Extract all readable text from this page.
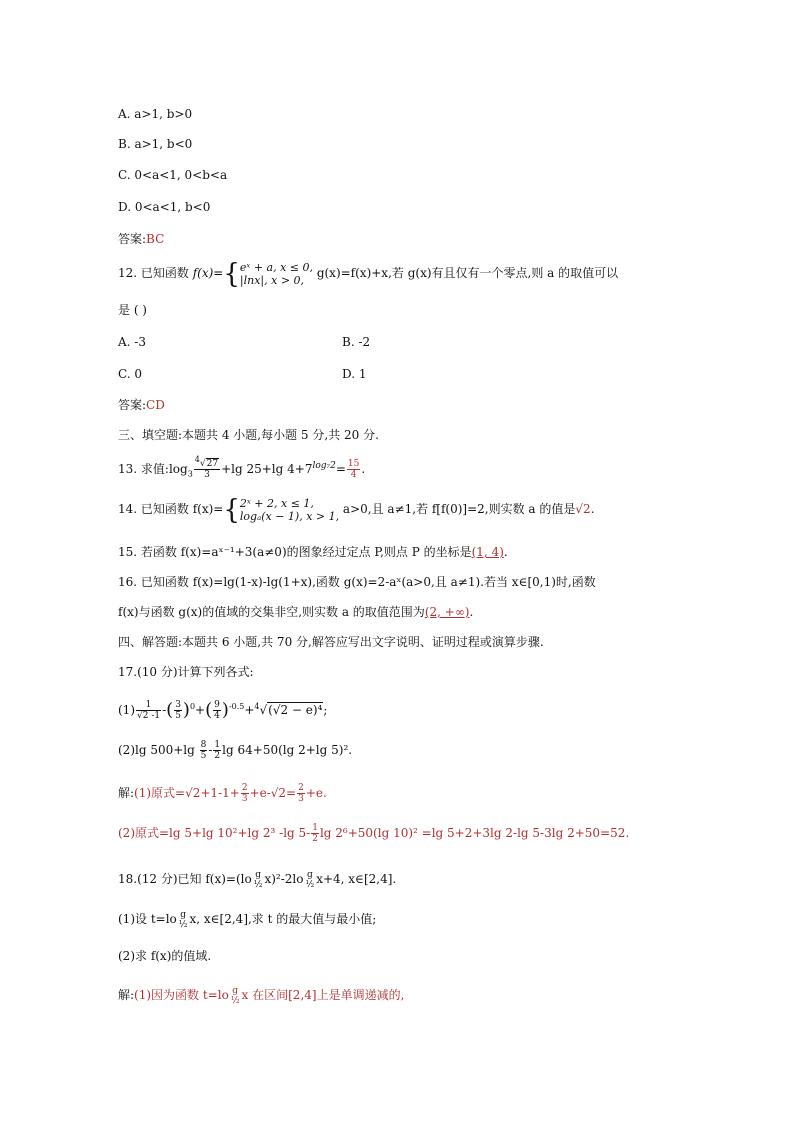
A. a>1, b>0
B. a>1, b<0
C. 0<a<1, 0<b<a
D. 0<a<1, b<0
答案:BC
12. 已知函数 f(x)={ eˣ + a, x ≤ 0,
|lnx|, x > 0, g(x)=f(x)+x,若 g(x)有且仅有一个零点,则 a 的取值可以
是 ( )
A. -3	B. -2
C. 0	D. 1
答案:CD
三、填空题:本题共 4 小题,每小题 5 分,共 20 分.
13. 求值$:\log_3 \frac{^4√27}{3} +\lg$ 25+lg $4+7^{log_72}= \frac{15}{4}$ .
14. 已知函数 f(x)={ 2ˣ + 2, x ≤ 1,
logₐ(x − 1), x > 1, a>0,且 a≠1,若 f[f(0)]=2,则实数 a 的值是√2.
15. 若函数 f(x)=aˣ⁻¹+3(a≠0)的图象经过定点 P,则点 P 的坐标是(1, 4).
16. 已知函数 f(x)=lg(1-x)-lg(1+x),函数 g(x)=2-aˣ(a>0,且 a≠1).若当 x∈[0,1)时,函数
f(x)与函数 g(x)的值域的交集非空,则实数 a 的取值范围为(2, +∞).
四、解答题:本题共 6 小题,共 70 分,解答应写出文字说明、证明过程或演算步骤.
17.(10 分)计算下列各式:
$(1) \frac{1}{√2 -1}$ -( $\frac{3}{5} )^0+( \frac{9}{4} )^{-0.5}+^4√(√2 - e)^4$;
(2)lg $500+\lg \frac{8}{5} - \frac{1}{2}$ lg 64+50(lg 2+lg 5)².
解:(1)原式$=√2+1-1+ \frac{2}{3} +e-√2= \frac{2}{3} +e$.
(2)原式=lg 5+lg 10²+lg 2³ -lg $5- \frac{1}{2}$ lg 2⁶+50(lg 10)² =lg 5+2+3lg 2-lg 5-3lg 2+50=52.
18.(12 分)已知 f(x)=(lo g
½ x)²-2lo g
½ x+4, x∈[2,4].
(1)设 t=lo g
½ x, x∈[2,4],求 t 的最大值与最小值;
(2)求 f(x)的值域.
解:(1)因为函数 t=lo g
½ x 在区间[2,4]上是单调递减的,
